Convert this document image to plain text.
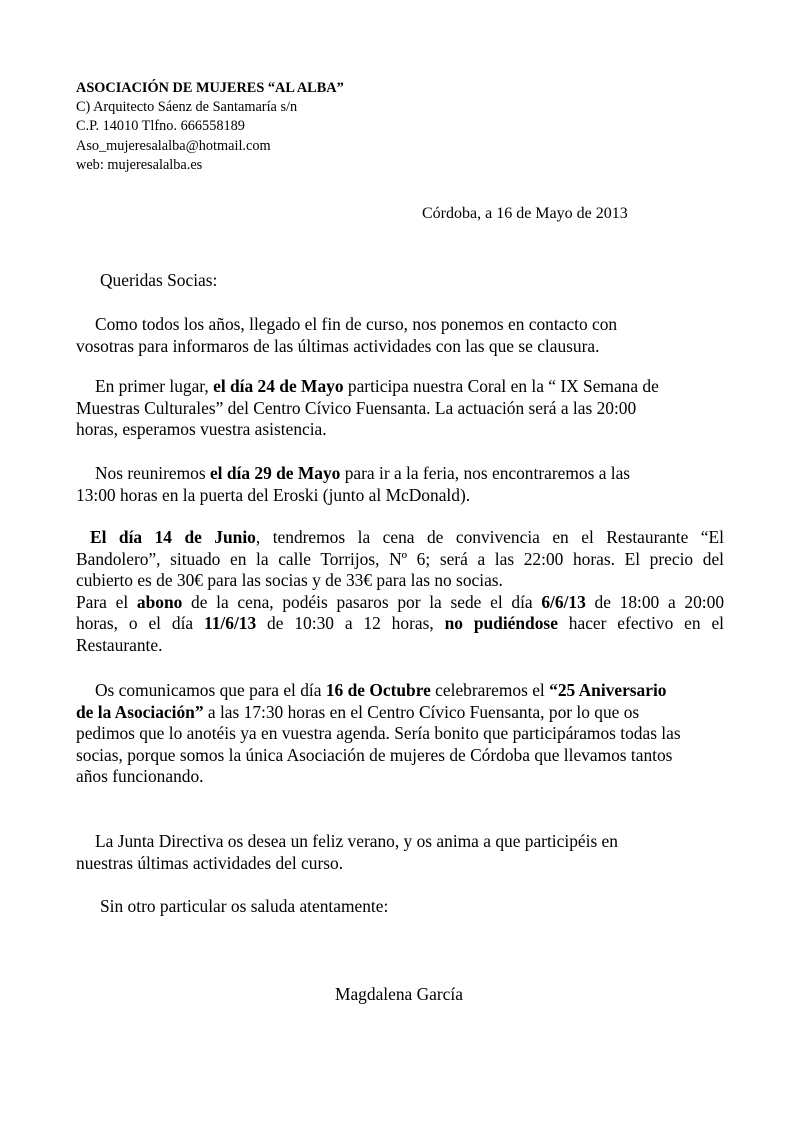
ASOCIACIÓN DE MUJERES “AL ALBA”
C) Arquitecto Sáenz de Santamaría s/n
C.P. 14010 Tlfno. 666558189
Aso_mujeresalalba@hotmail.com
web: mujeresalalba.es
Córdoba, a 16 de Mayo de 2013
Queridas Socias:
Como todos los años, llegado el fin de curso, nos ponemos en contacto con
vosotras para informaros de las últimas actividades con las que se clausura.
En primer lugar, el día 24 de Mayo participa nuestra Coral en la “ IX Semana de
Muestras Culturales” del Centro Cívico Fuensanta. La actuación será a las 20:00
horas, esperamos vuestra asistencia.
Nos reuniremos el día 29 de Mayo para ir a la feria, nos encontraremos a las
13:00 horas en la puerta del Eroski (junto al McDonald).
El día 14 de Junio, tendremos la cena de convivencia en el Restaurante “El
Bandolero”, situado en la calle Torrijos, Nº 6; será a las 22:00 horas. El precio del
cubierto es de 30€ para las socias y de 33€ para las no socias.
Para el abono de la cena, podéis pasaros por la sede el día 6/6/13 de 18:00 a 20:00
horas, o el día 11/6/13 de 10:30 a 12 horas, no pudiéndose hacer efectivo en el
Restaurante.
Os comunicamos que para el día 16 de Octubre celebraremos el “25 Aniversario
de la Asociación” a las 17:30 horas en el Centro Cívico Fuensanta, por lo que os
pedimos que lo anotéis ya en vuestra agenda. Sería bonito que participáramos todas las
socias, porque somos la única Asociación de mujeres de Córdoba que llevamos tantos
años funcionando.
La Junta Directiva os desea un feliz verano, y os anima a que participéis en
nuestras últimas actividades del curso.
Sin otro particular os saluda atentamente:
Magdalena García
